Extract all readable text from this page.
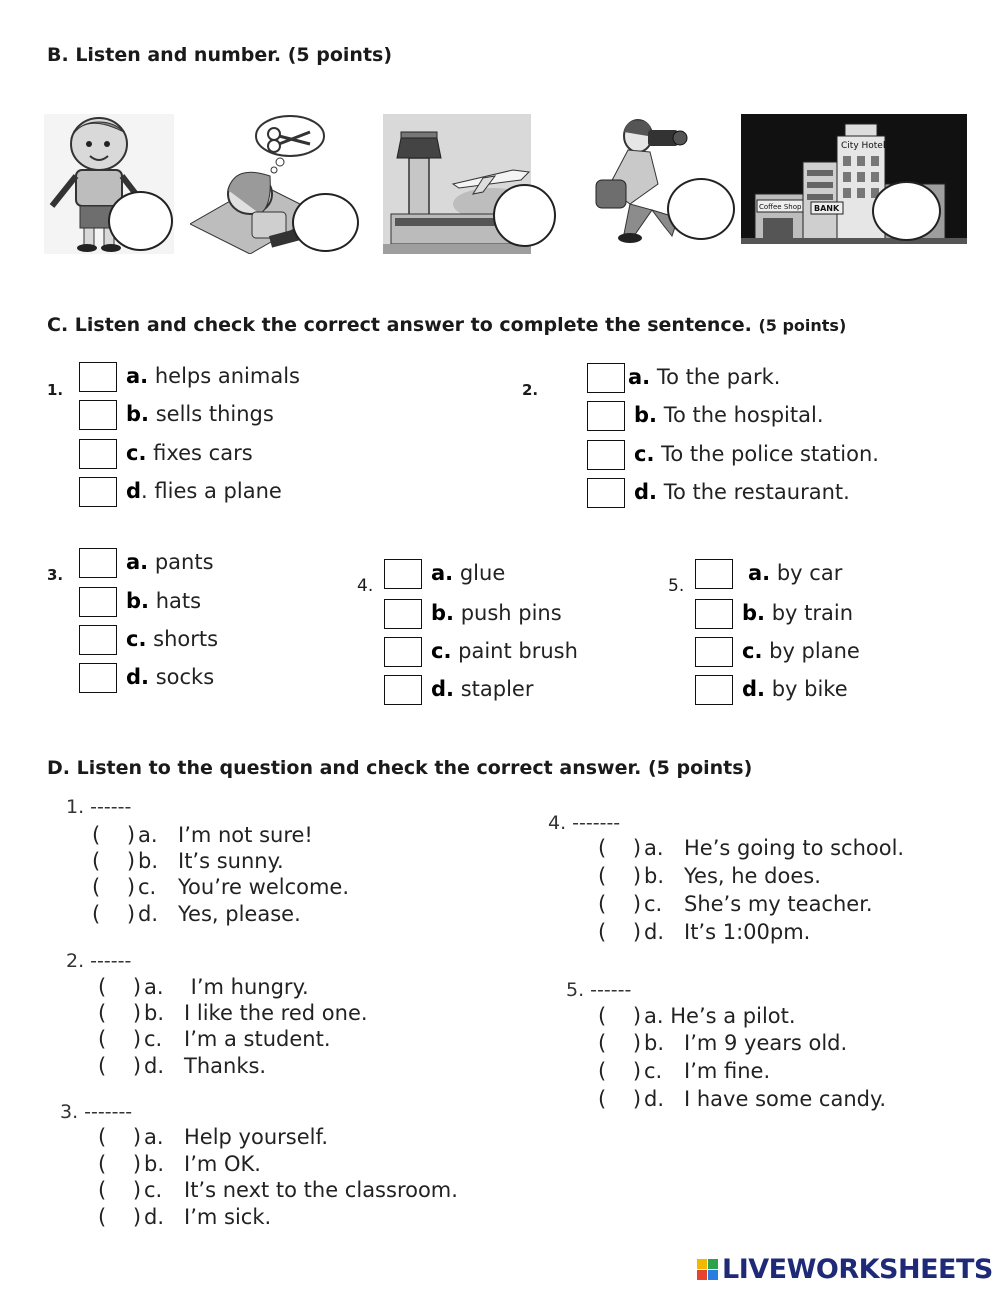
B. Listen and number. (5 points)
City Hotel
BANK
Coffee Shop
C. Listen and check the correct answer to complete the sentence. (5 points)
1.
a. helps animals
b. sells things
c. fixes cars
d. flies a plane
2.
a. To the park.
b. To the hospital.
c. To the police station.
d. To the restaurant.
3.
a. pants
b. hats
c. shorts
d. socks
4.
a. glue
b. push pins
c. paint brush
d. stapler
5.
a. by car
b. by train
c. by plane
d. by bike
D. Listen to the question and check the correct answer. (5 points)
1. ------
( ) a. I’m not sure!
( ) b. It’s sunny.
( ) c. You’re welcome.
( ) d. Yes, please.
2. ------
( ) a. I’m hungry.
( ) b. I like the red one.
( ) c. I’m a student.
( ) d. Thanks.
3. -------
( ) a. Help yourself.
( ) b. I’m OK.
( ) c. It’s next to the classroom.
( ) d. I’m sick.
4. -------
( ) a. He’s going to school.
( ) b. Yes, he does.
( ) c. She’s my teacher.
( ) d. It’s 1:00pm.
5. ------
( ) a. He’s a pilot.
( ) b. I’m 9 years old.
( ) c. I’m fine.
( ) d. I have some candy.
LIVEWORKSHEETS
